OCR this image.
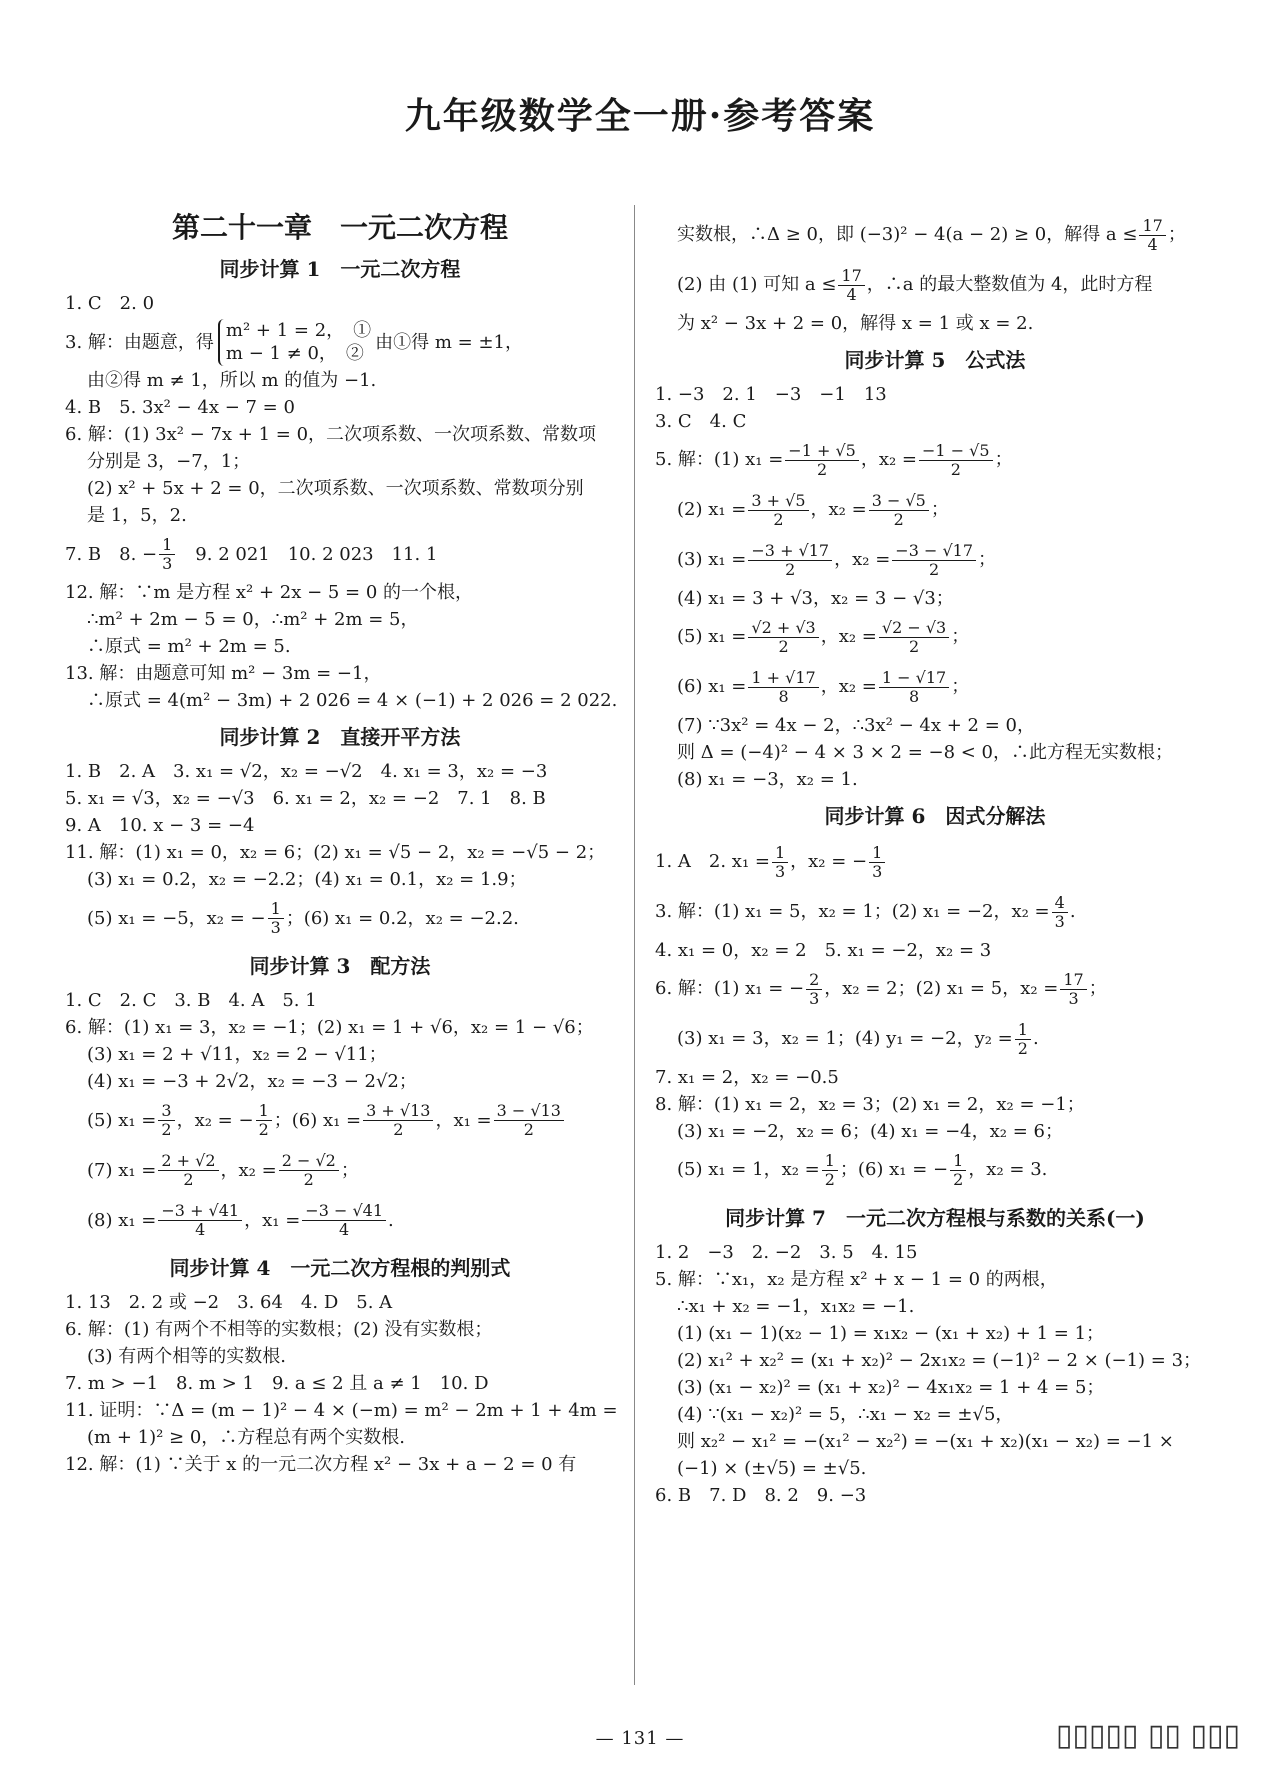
九年级数学全一册·参考答案
第二十一章　一元二次方程
同步计算 1　一元二次方程
1. C　2. 0
3. 解：由题意，得
m² + 1 = 2，　①
m − 1 ≠ 0，　②
由①得 m = ±1，
由②得 m ≠ 1，所以 m 的值为 −1.
4. B　5. 3x² − 4x − 7 = 0
6. 解：(1) 3x² − 7x + 1 = 0，二次项系数、一次项系数、常数项
分别是 3，−7，1；
(2) x² + 5x + 2 = 0，二次项系数、一次项系数、常数项分别
是 1，5，2.
7. B　8. − $\frac{1}{3}$ 　9. 2 021　10. 2 023　11. 1
12. 解：∵m 是方程 x² + 2x − 5 = 0 的一个根，
∴m² + 2m − 5 = 0，∴m² + 2m = 5，
∴原式 = m² + 2m = 5.
13. 解：由题意可知 m² − 3m = −1，
∴原式 = 4(m² − 3m) + 2 026 = 4 × (−1) + 2 026 = 2 022.
同步计算 2　直接开平方法
1. B　2. A　3. x₁ = √2，x₂ = −√2　4. x₁ = 3，x₂ = −3
5. x₁ = √3，x₂ = −√3　6. x₁ = 2，x₂ = −2　7. 1　8. B
9. A　10. x − 3 = −4
11. 解：(1) x₁ = 0，x₂ = 6；(2) x₁ = √5 − 2，x₂ = −√5 − 2；
(3) x₁ = 0.2，x₂ = −2.2；(4) x₁ = 0.1，x₂ = 1.9；
(5) x₁ = −5，x₂ = − $\frac{1}{3}$ ；(6) x₁ = 0.2，x₂ = −2.2.
同步计算 3　配方法
1. C　2. C　3. B　4. A　5. 1
6. 解：(1) x₁ = 3，x₂ = −1；(2) x₁ = 1 + √6，x₂ = 1 − √6；
(3) x₁ = 2 + √11，x₂ = 2 − √11；
(4) x₁ = −3 + 2√2，x₂ = −3 − 2√2；
(5) $x_1 = \frac{3}{2}$ ，x₂ = − $\frac{1}{2}$ ；(6) $x_1 = \frac{3 + √13}{2}$ ，$x_1 = \frac{3 - √13}{2}$
(7) $x_1 = \frac{2 + √2}{2}$ ，$x_2 = \frac{2 - √2}{2}$ ；
(8) $x_1 = \frac{-3 + √41}{4}$ ，$x_1 = \frac{-3 - √41}{4}$ .
同步计算 4　一元二次方程根的判别式
1. 13　2. 2 或 −2　3. 64　4. D　5. A
6. 解：(1) 有两个不相等的实数根；(2) 没有实数根；
(3) 有两个相等的实数根.
7. m > −1　8. m > 1　9. a ≤ 2 且 a ≠ 1　10. D
11. 证明：∵Δ = (m − 1)² − 4 × (−m) = m² − 2m + 1 + 4m =
(m + 1)² ≥ 0，∴方程总有两个实数根.
12. 解：(1) ∵关于 x 的一元二次方程 x² − 3x + a − 2 = 0 有
实数根，∴Δ ≥ 0，即 (−3)² − 4(a − 2) ≥ 0，解得 $a \le \frac{17}{4}$ ；
(2) 由 (1) 可知 $a \le \frac{17}{4}$ ，∴a 的最大整数值为 4，此时方程
为 x² − 3x + 2 = 0，解得 x = 1 或 x = 2.
同步计算 5　公式法
1. −3　2. 1　−3　−1　13
3. C　4. C
5. 解：(1) $x_1 = \frac{-1 + √5}{2}$ ，$x_2 = \frac{-1 - √5}{2}$ ；
(2) $x_1 = \frac{3 + √5}{2}$ ，$x_2 = \frac{3 - √5}{2}$ ；
(3) $x_1 = \frac{-3 + √17}{2}$ ，$x_2 = \frac{-3 - √17}{2}$ ；
(4) x₁ = 3 + √3，x₂ = 3 − √3；
(5) $x_1 = \frac{√2 + √3}{2}$ ，$x_2 = \frac{√2 - √3}{2}$ ；
(6) $x_1 = \frac{1 + √17}{8}$ ，$x_2 = \frac{1 - √17}{8}$ ；
(7) ∵3x² = 4x − 2，∴3x² − 4x + 2 = 0，
则 Δ = (−4)² − 4 × 3 × 2 = −8 < 0，∴此方程无实数根；
(8) x₁ = −3，x₂ = 1.
同步计算 6　因式分解法
1. A　2. $x_1 = \frac{1}{3}$ ，x₂ = − $\frac{1}{3}$
3. 解：(1) x₁ = 5，x₂ = 1；(2) x₁ = −2，$x_2 = \frac{4}{3}$ .
4. x₁ = 0，x₂ = 2　5. x₁ = −2，x₂ = 3
6. 解：(1) x₁ = − $\frac{2}{3}$ ，x₂ = 2；(2) x₁ = 5，$x_2 = \frac{17}{3}$ ；
(3) x₁ = 3，x₂ = 1；(4) y₁ = −2，$y_2 = \frac{1}{2}$ .
7. x₁ = 2，x₂ = −0.5
8. 解：(1) x₁ = 2，x₂ = 3；(2) x₁ = 2，x₂ = −1；
(3) x₁ = −2，x₂ = 6；(4) x₁ = −4，x₂ = 6；
(5) x₁ = 1，$x_2 = \frac{1}{2}$ ；(6) x₁ = − $\frac{1}{2}$ ，x₂ = 3.
同步计算 7　一元二次方程根与系数的关系(一)
1. 2　−3　2. −2　3. 5　4. 15
5. 解：∵x₁，x₂ 是方程 x² + x − 1 = 0 的两根，
∴x₁ + x₂ = −1，x₁x₂ = −1.
(1) (x₁ − 1)(x₂ − 1) = x₁x₂ − (x₁ + x₂) + 1 = 1；
(2) x₁² + x₂² = (x₁ + x₂)² − 2x₁x₂ = (−1)² − 2 × (−1) = 3；
(3) (x₁ − x₂)² = (x₁ + x₂)² − 4x₁x₂ = 1 + 4 = 5；
(4) ∵(x₁ − x₂)² = 5，∴x₁ − x₂ = ±√5，
则 x₂² − x₁² = −(x₁² − x₂²) = −(x₁ + x₂)(x₁ − x₂) = −1 ×
(−1) × (±√5) = ±√5.
6. B　7. D　8. 2　9. −3
— 131 —	▯▯▯▯▯ ▯▯ ▯▯▯
